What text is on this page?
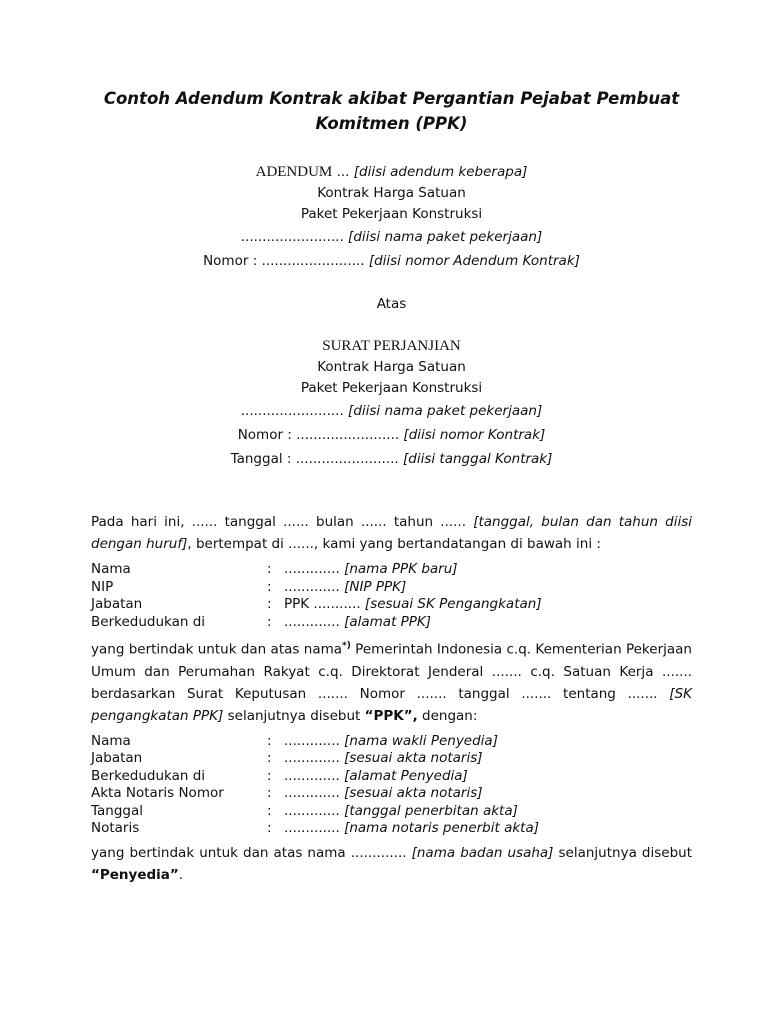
Contoh Adendum Kontrak akibat Pergantian Pejabat Pembuat Komitmen (PPK)
ADENDUM ... [diisi adendum keberapa]
Kontrak Harga Satuan
Paket Pekerjaan Konstruksi
........................ [diisi nama paket pekerjaan]
Nomor : ........................ [diisi nomor Adendum Kontrak]
Atas
SURAT PERJANJIAN
Kontrak Harga Satuan
Paket Pekerjaan Konstruksi
........................ [diisi nama paket pekerjaan]
Nomor : ........................ [diisi nomor Kontrak]
Tanggal : ........................ [diisi tanggal Kontrak]

Pada hari ini, ...... tanggal ...... bulan ...... tahun ...... [tanggal, bulan dan tahun diisi dengan huruf], bertempat di ......, kami yang bertandatangan di bawah ini :

Nama	:	............. [nama PPK baru]
NIP	:	............. [NIP PPK]
Jabatan	:	PPK ........... [sesuai SK Pengangkatan]
Berkedudukan di	:	............. [alamat PPK]

yang bertindak untuk dan atas nama*) Pemerintah Indonesia c.q. Kementerian Pekerjaan Umum dan Perumahan Rakyat c.q. Direktorat Jenderal ....... c.q. Satuan Kerja ....... berdasarkan Surat Keputusan ....... Nomor ....... tanggal ....... tentang ....... [SK pengangkatan PPK] selanjutnya disebut “PPK”, dengan:

Nama	:	............. [nama wakli Penyedia]
Jabatan	:	............. [sesuai akta notaris]
Berkedudukan di	:	............. [alamat Penyedia]
Akta Notaris Nomor	:	............. [sesuai akta notaris]
Tanggal	:	............. [tanggal penerbitan akta]
Notaris	:	............. [nama notaris penerbit akta]

yang bertindak untuk dan atas nama ............. [nama badan usaha] selanjutnya disebut “Penyedia”.
